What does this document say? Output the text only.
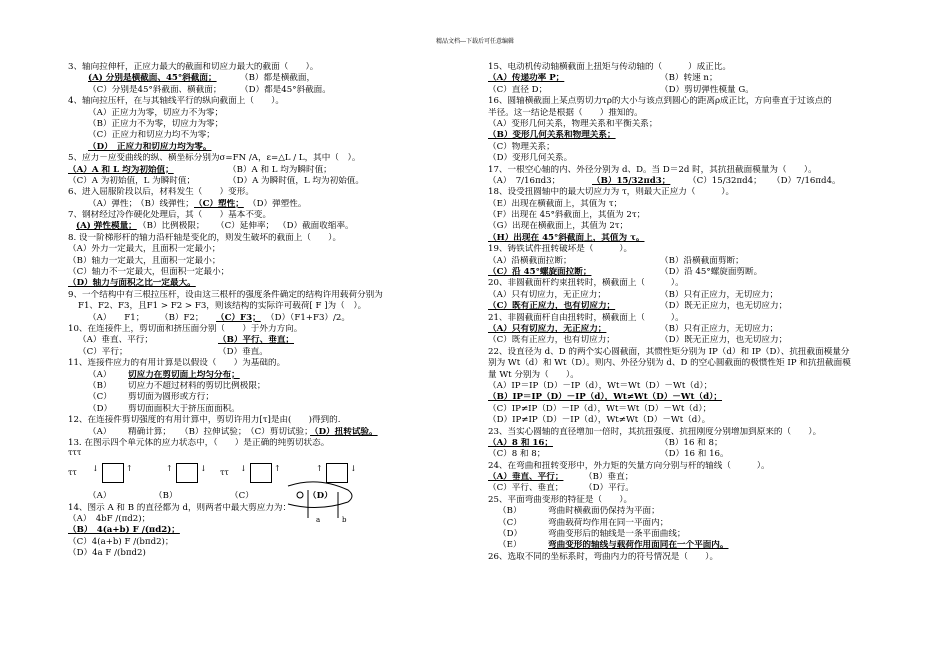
精品文档---下载后可任意编辑
3、轴向拉伸杆，正应力最大的截面和切应力最大的截面（　　）。
(A) 分别是横截面、45°斜截面；	（B）都是横截面，
（C）分别是45°斜截面、横截面； （D）都是45°斜截面。
4、轴向拉压杆，在与其轴线平行的纵向截面上（　　）。
（A）正应力为零，切应力不为零；
（B）正应力不为零，切应力为零；
（C）正应力和切应力均不为零；
（D）　正应力和切应力均为零。
5、应力－应变曲线的纵、横坐标分别为σ=FN /A，ε=△L / L，其中（　）。
（A）A 和 L 均为初始值；	（B）A 和 L 均为瞬时值；
（C）A 为初始值，L 为瞬时值；	（D）A 为瞬时值，L 均为初始值。
6、进入屈服阶段以后，材料发生（　　）变形。
（A）弹性；
（B）线弹性； （C）塑性； （D）弹塑性。
7、钢材经过冷作硬化处理后，其（　　）基本不变。
(A) 弹性模量； （B）比例极限； （C）延伸率； （D）截面收缩率。
8. 设一阶梯形杆的轴力沿杆轴是变化的，则发生破坏的截面上（　　）。
（A）外力一定最大，且面积一定最小；
（B）轴力一定最大，且面积一定最小；
（C）轴力不一定最大，但面积一定最小；
（D）轴力与面积之比一定最大。
9、一个结构中有三根拉压杆，设由这三根杆的强度条件确定的结构许用载荷分别为
F1、F2、F3，且F1 > F2 > F3，则该结构的实际许可载荷[ F ]为（　）。
（A）　　F1； （B）F2； （C）F3； （D）（F1+F3）/2。
10、在连接件上，剪切面和挤压面分别（　　）于外力方向。
（A）垂直、平行；	（B）平行、垂直；
（C）平行；	（D）垂直。
11、连接件应力的有用计算是以假设（　　）为基础的。
（A） 切应力在剪切面上均匀分布；
（B） 切应力不超过材料的剪切比例极限；
（C） 剪切面为圆形或方行；
（D） 剪切面面积大于挤压面面积。
12、在连接件剪切强度的有用计算中，剪切许用力[τ]是由(　　)得到的.
（A） 精确计算； （B）拉伸试验； （C）剪切试验；
（D）扭转试验。
13. 在图示四个单元体的应力状态中，（　　）是正确的纯剪切状态。
τττ
ττ	ττ
↓	↑	↑	↓	↓	↑	↑	↓
（A）	（B）	（C）	（D）
14、图示 A 和 B 的直径都为 d，则两者中最大剪应力为：
（A）　4bF /(πd2)；
（B）　4(a+b) F /(πd2)；
（C）4(a+b) F /(bπd2)；
（D）4a F /(bπd2)
a	b
15、电动机传动轴横截面上扭矩与传动轴的（　　　）成正比。
（A）传递功率 P；	（B）转速 n；
（C）直径 D；	（D）剪切弹性模量 G。
16、圆轴横截面上某点剪切力τρ的大小与该点到圆心的距离ρ成正比，方向垂直于过该点的
半径。这一结论是根据（　　）推知的。
（A）变形几何关系，物理关系和平衡关系；
（B）变形几何关系和物理关系；
（C）物理关系；
（D）变形几何关系。
17、一根空心轴的内、外径分别为 d、D。当 D＝2d 时，其抗扭截面模量为（　　）。
（A）　7/16πd3；	（B）15/32πd3； （C）15/32πd4； （D）7/16πd4。
18、设受扭圆轴中的最大切应力为 τ，则最大正应力（　　　）。
（E）出现在横截面上，其值为 τ；
（F）出现在 45°斜截面上，其值为 2τ；
（G）出现在横截面上，其值为 2τ；
（H）出现在 45°斜截面上，其值为 τ。
19、铸铁试件扭转破坏是（　　　）。
（A）沿横截面拉断；	（B）沿横截面剪断；
（C）沿 45°螺旋面拉断；	（D）沿 45°螺旋面剪断。
20、非圆截面杆约束扭转时，横截面上（　　　）。
（A）只有切应力，无正应力；	（B）只有正应力，无切应力；
（C）既有正应力，也有切应力；	（D）既无正应力，也无切应力；
21、非圆截面杆自由扭转时，横截面上（　　　）。
（A）只有切应力，无正应力；	（B）只有正应力，无切应力；
（C）既有正应力，也有切应力；	（D）既无正应力，也无切应力；
22、设直径为 d、D 的两个实心圆截面，其惯性矩分别为 IP（d）和 IP（D）、抗扭截面模量分
别为 Wt（d）和 Wt（D）。则内、外径分别为 d、D 的空心圆截面的极惯性矩 IP 和抗扭截面模
量 Wt 分别为（　　）。
（A）IP＝IP（D）－IP（d），Wt＝Wt（D）－Wt（d）；
（B）IP＝IP（D）－IP（d），Wt≠Wt（D）－Wt（d）；
（C）IP≠IP（D）－IP（d），Wt＝Wt（D）－Wt（d）；
（D）IP≠IP（D）－IP（d），Wt≠Wt（D）－Wt（d）。
23、当实心圆轴的直径增加一倍时，其抗扭强度、抗扭刚度分别增加到原来的（　　）。
（A）8 和 16；	（B）16 和 8；
（C）8 和 8；	（D）16 和 16。
24、在弯曲和扭转变形中，外力矩的矢量方向分别与杆的轴线（　　　）。
（A）垂直、平行； （B）垂直；
（C）平行、垂直； （D）平行。
25、平面弯曲变形的特征是（　　）。
（B）	弯曲时横截面仍保持为平面；
（C）	弯曲载荷均作用在同一平面内；
（D）	弯曲变形后的轴线是一条平面曲线；
（E）	弯曲变形的轴线与载荷作用面同在一个平面内。
26、选取不同的坐标系时，弯曲内力的符号情况是（　　）。
